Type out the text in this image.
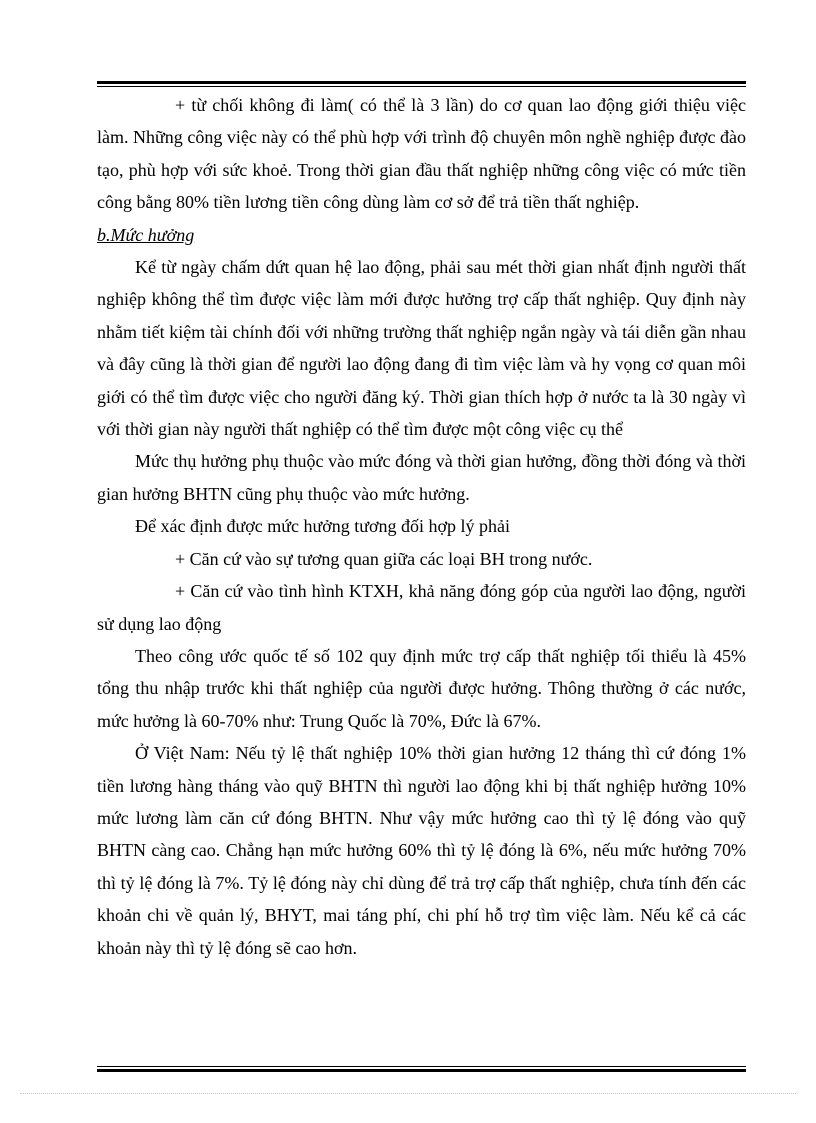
+ từ chối không đi làm( có thể là 3 lần) do cơ quan lao động giới thiệu việc làm. Những công việc này có thể phù hợp với trình độ chuyên môn nghề nghiệp được đào tạo, phù hợp với sức khoẻ. Trong thời gian đầu thất nghiệp những công việc có mức tiền công bằng 80% tiền lương tiền công dùng làm cơ sở để trả tiền thất nghiệp.

b.Mức hưởng

Kể từ ngày chấm dứt quan hệ lao động, phải sau mét thời gian nhất định người thất nghiệp không thể tìm được việc làm mới được hưởng trợ cấp thất nghiệp. Quy định này nhằm tiết kiệm tài chính đối với những trường thất nghiệp ngắn ngày và tái diễn gần nhau và đây cũng là thời gian để người lao động đang đi tìm việc làm và hy vọng cơ quan môi giới có thể tìm được việc cho người đăng ký. Thời gian thích hợp ở nước ta là 30 ngày vì với thời gian này người thất nghiệp có thể tìm được một công việc cụ thể

Mức thụ hưởng phụ thuộc vào mức đóng và thời gian hưởng, đồng thời đóng và thời gian hưởng BHTN cũng phụ thuộc vào mức hưởng.

Để xác định được mức hưởng tương đối hợp lý phải

+ Căn cứ vào sự tương quan giữa các loại BH trong nước.

+ Căn cứ vào tình hình KTXH, khả năng đóng góp của người lao động, người sử dụng lao động

Theo công ước quốc tế số 102 quy định mức trợ cấp thất nghiệp tối thiểu là 45% tổng thu nhập trước khi thất nghiệp của người được hưởng. Thông thường ở các nước, mức hưởng là 60-70% như: Trung Quốc là 70%, Đức là 67%.

Ở Việt Nam: Nếu tỷ lệ thất nghiệp 10% thời gian hưởng 12 tháng thì cứ đóng 1% tiền lương hàng tháng vào quỹ BHTN thì người lao động khi bị thất nghiệp hưởng 10% mức lương làm căn cứ đóng BHTN. Như vậy mức hưởng cao thì tỷ lệ đóng vào quỹ BHTN càng cao. Chẳng hạn mức hưởng 60% thì tỷ lệ đóng là 6%, nếu mức hưởng 70% thì tỷ lệ đóng là 7%. Tỷ lệ đóng này chỉ dùng để trả trợ cấp thất nghiệp, chưa tính đến các khoản chi về quản lý, BHYT, mai táng phí, chi phí hỗ trợ tìm việc làm. Nếu kể cả các khoản này thì tỷ lệ đóng sẽ cao hơn.
